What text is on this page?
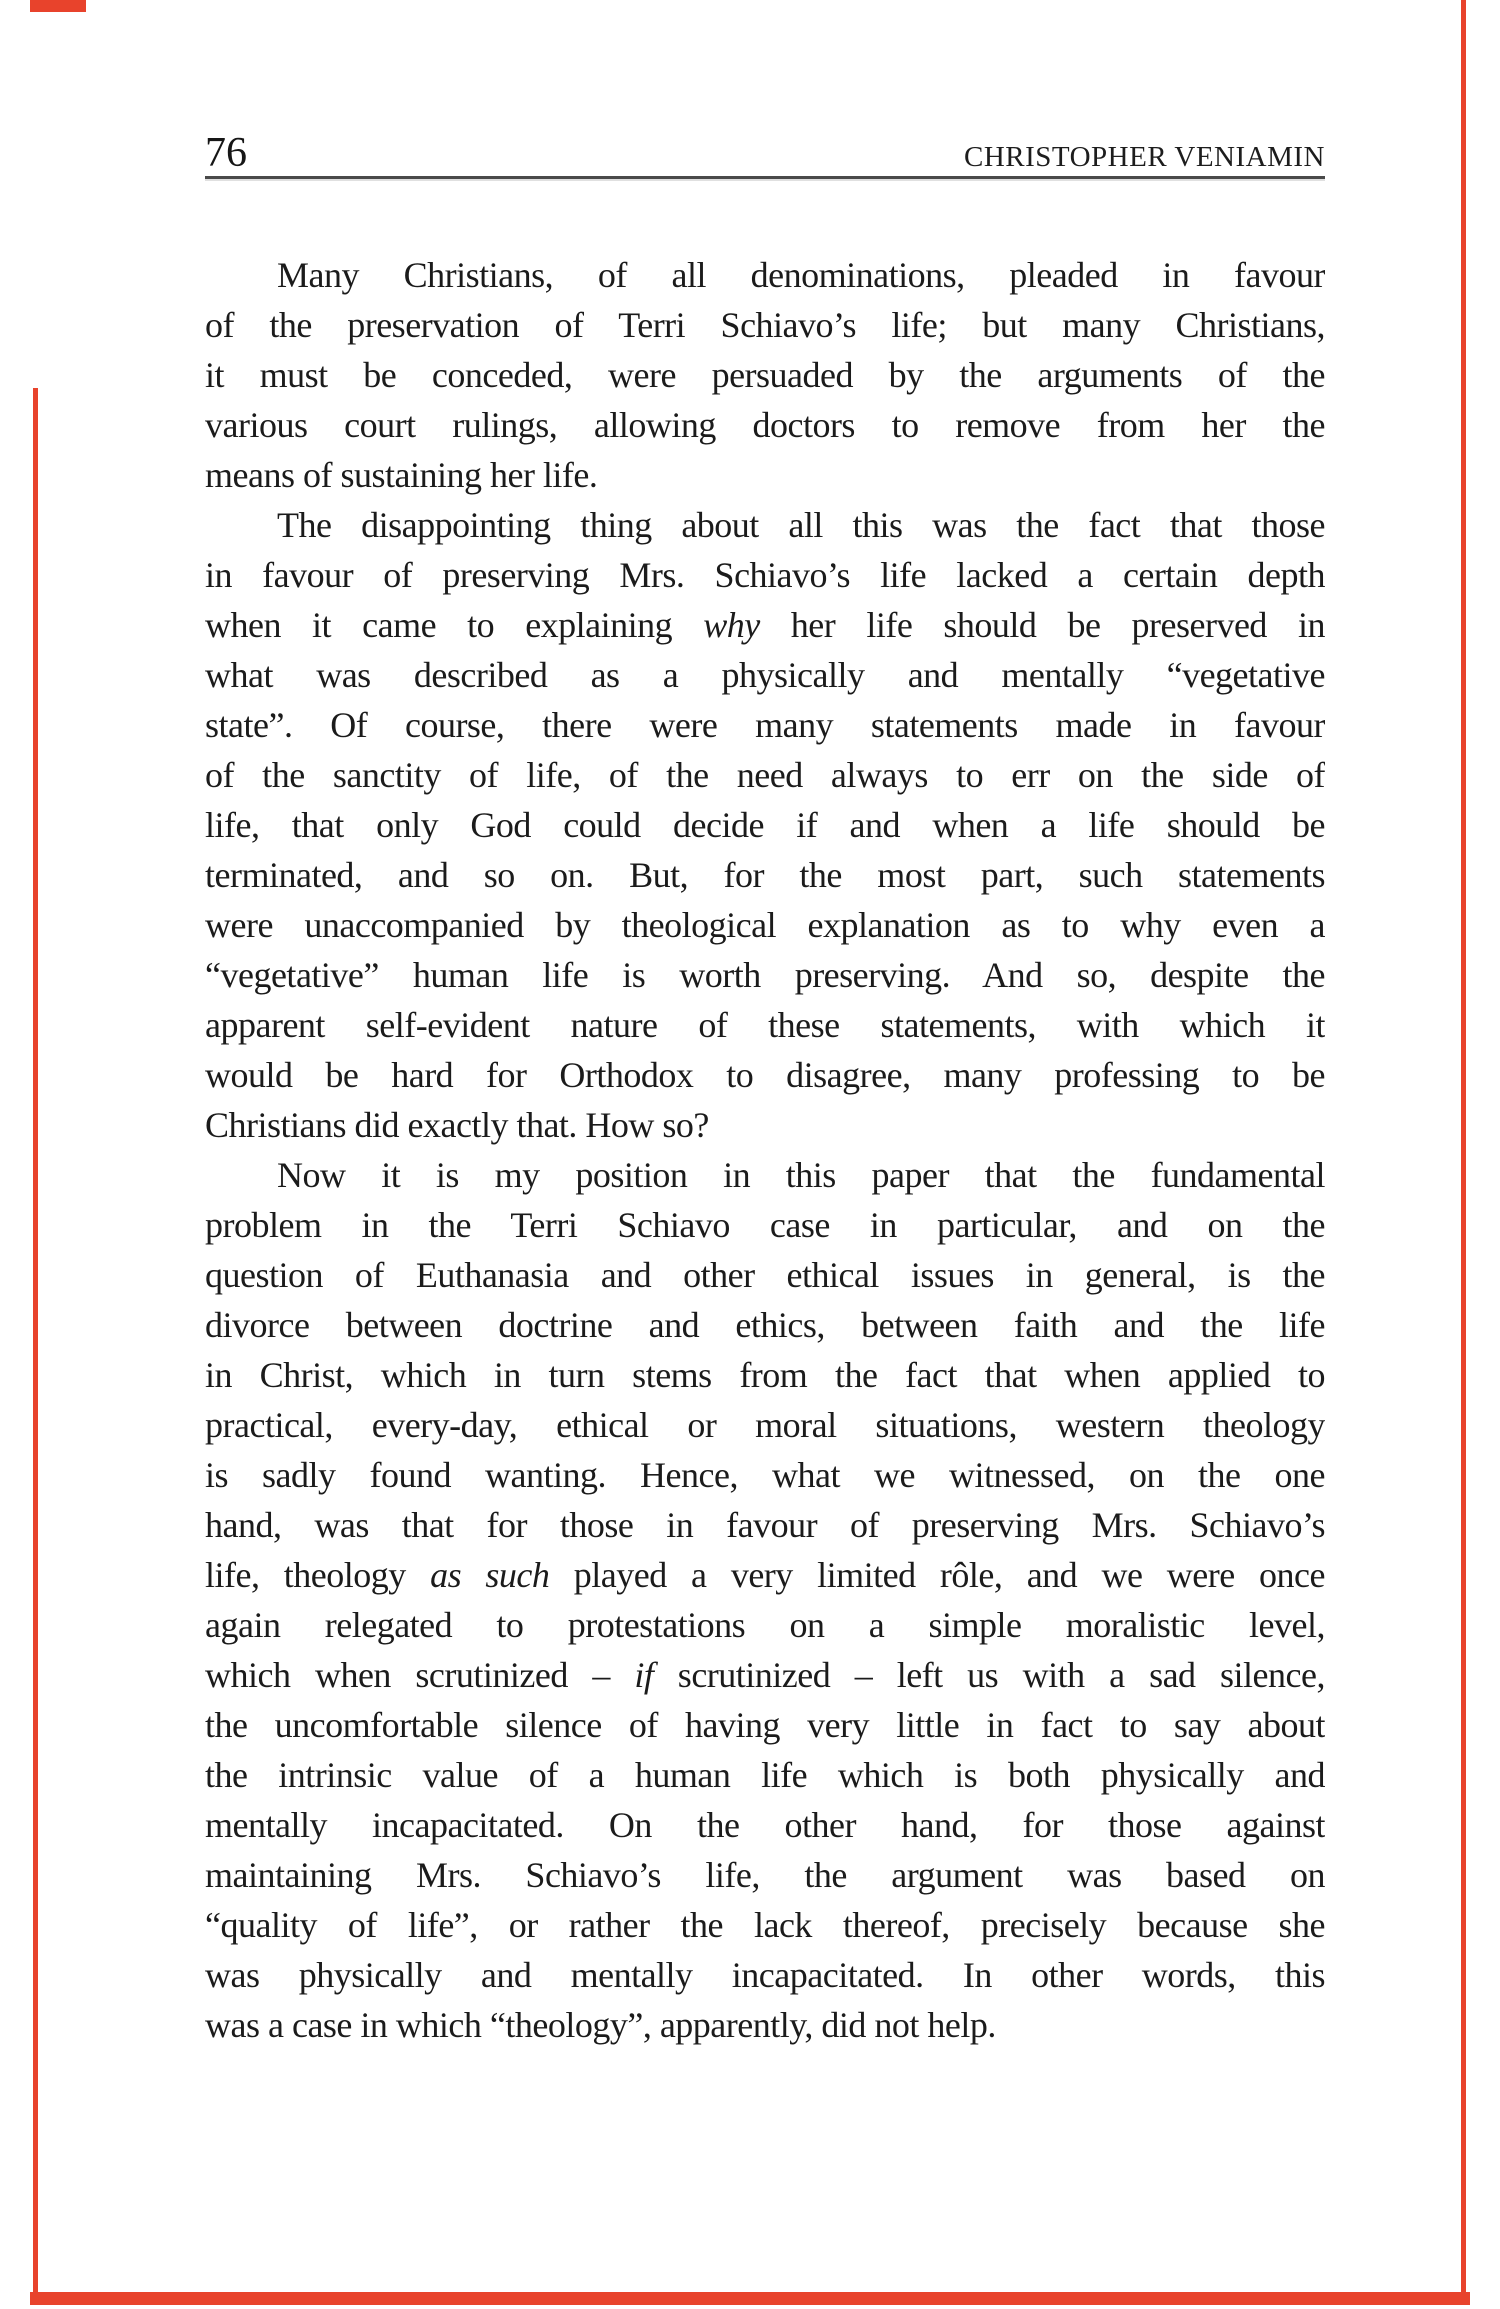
76	CHRISTOPHER VENIAMIN
Many Christians, of all denominations, pleaded in favour
of the preservation of Terri Schiavo’s life; but many Christians,
it must be conceded, were persuaded by the arguments of the
various court rulings, allowing doctors to remove from her the
means of sustaining her life.
The disappointing thing about all this was the fact that those
in favour of preserving Mrs. Schiavo’s life lacked a certain depth
when it came to explaining why her life should be preserved in
what was described as a physically and mentally “vegetative
state”. Of course, there were many statements made in favour
of the sanctity of life, of the need always to err on the side of
life, that only God could decide if and when a life should be
terminated, and so on. But, for the most part, such statements
were unaccompanied by theological explanation as to why even a
“vegetative” human life is worth preserving. And so, despite the
apparent self-evident nature of these statements, with which it
would be hard for Orthodox to disagree, many professing to be
Christians did exactly that. How so?
Now it is my position in this paper that the fundamental
problem in the Terri Schiavo case in particular, and on the
question of Euthanasia and other ethical issues in general, is the
divorce between doctrine and ethics, between faith and the life
in Christ, which in turn stems from the fact that when applied to
practical, every-day, ethical or moral situations, western theology
is sadly found wanting. Hence, what we witnessed, on the one
hand, was that for those in favour of preserving Mrs. Schiavo’s
life, theology as such played a very limited rôle, and we were once
again relegated to protestations on a simple moralistic level,
which when scrutinized – if scrutinized – left us with a sad silence,
the uncomfortable silence of having very little in fact to say about
the intrinsic value of a human life which is both physically and
mentally incapacitated. On the other hand, for those against
maintaining Mrs. Schiavo’s life, the argument was based on
“quality of life”, or rather the lack thereof, precisely because she
was physically and mentally incapacitated. In other words, this
was a case in which “theology”, apparently, did not help.
